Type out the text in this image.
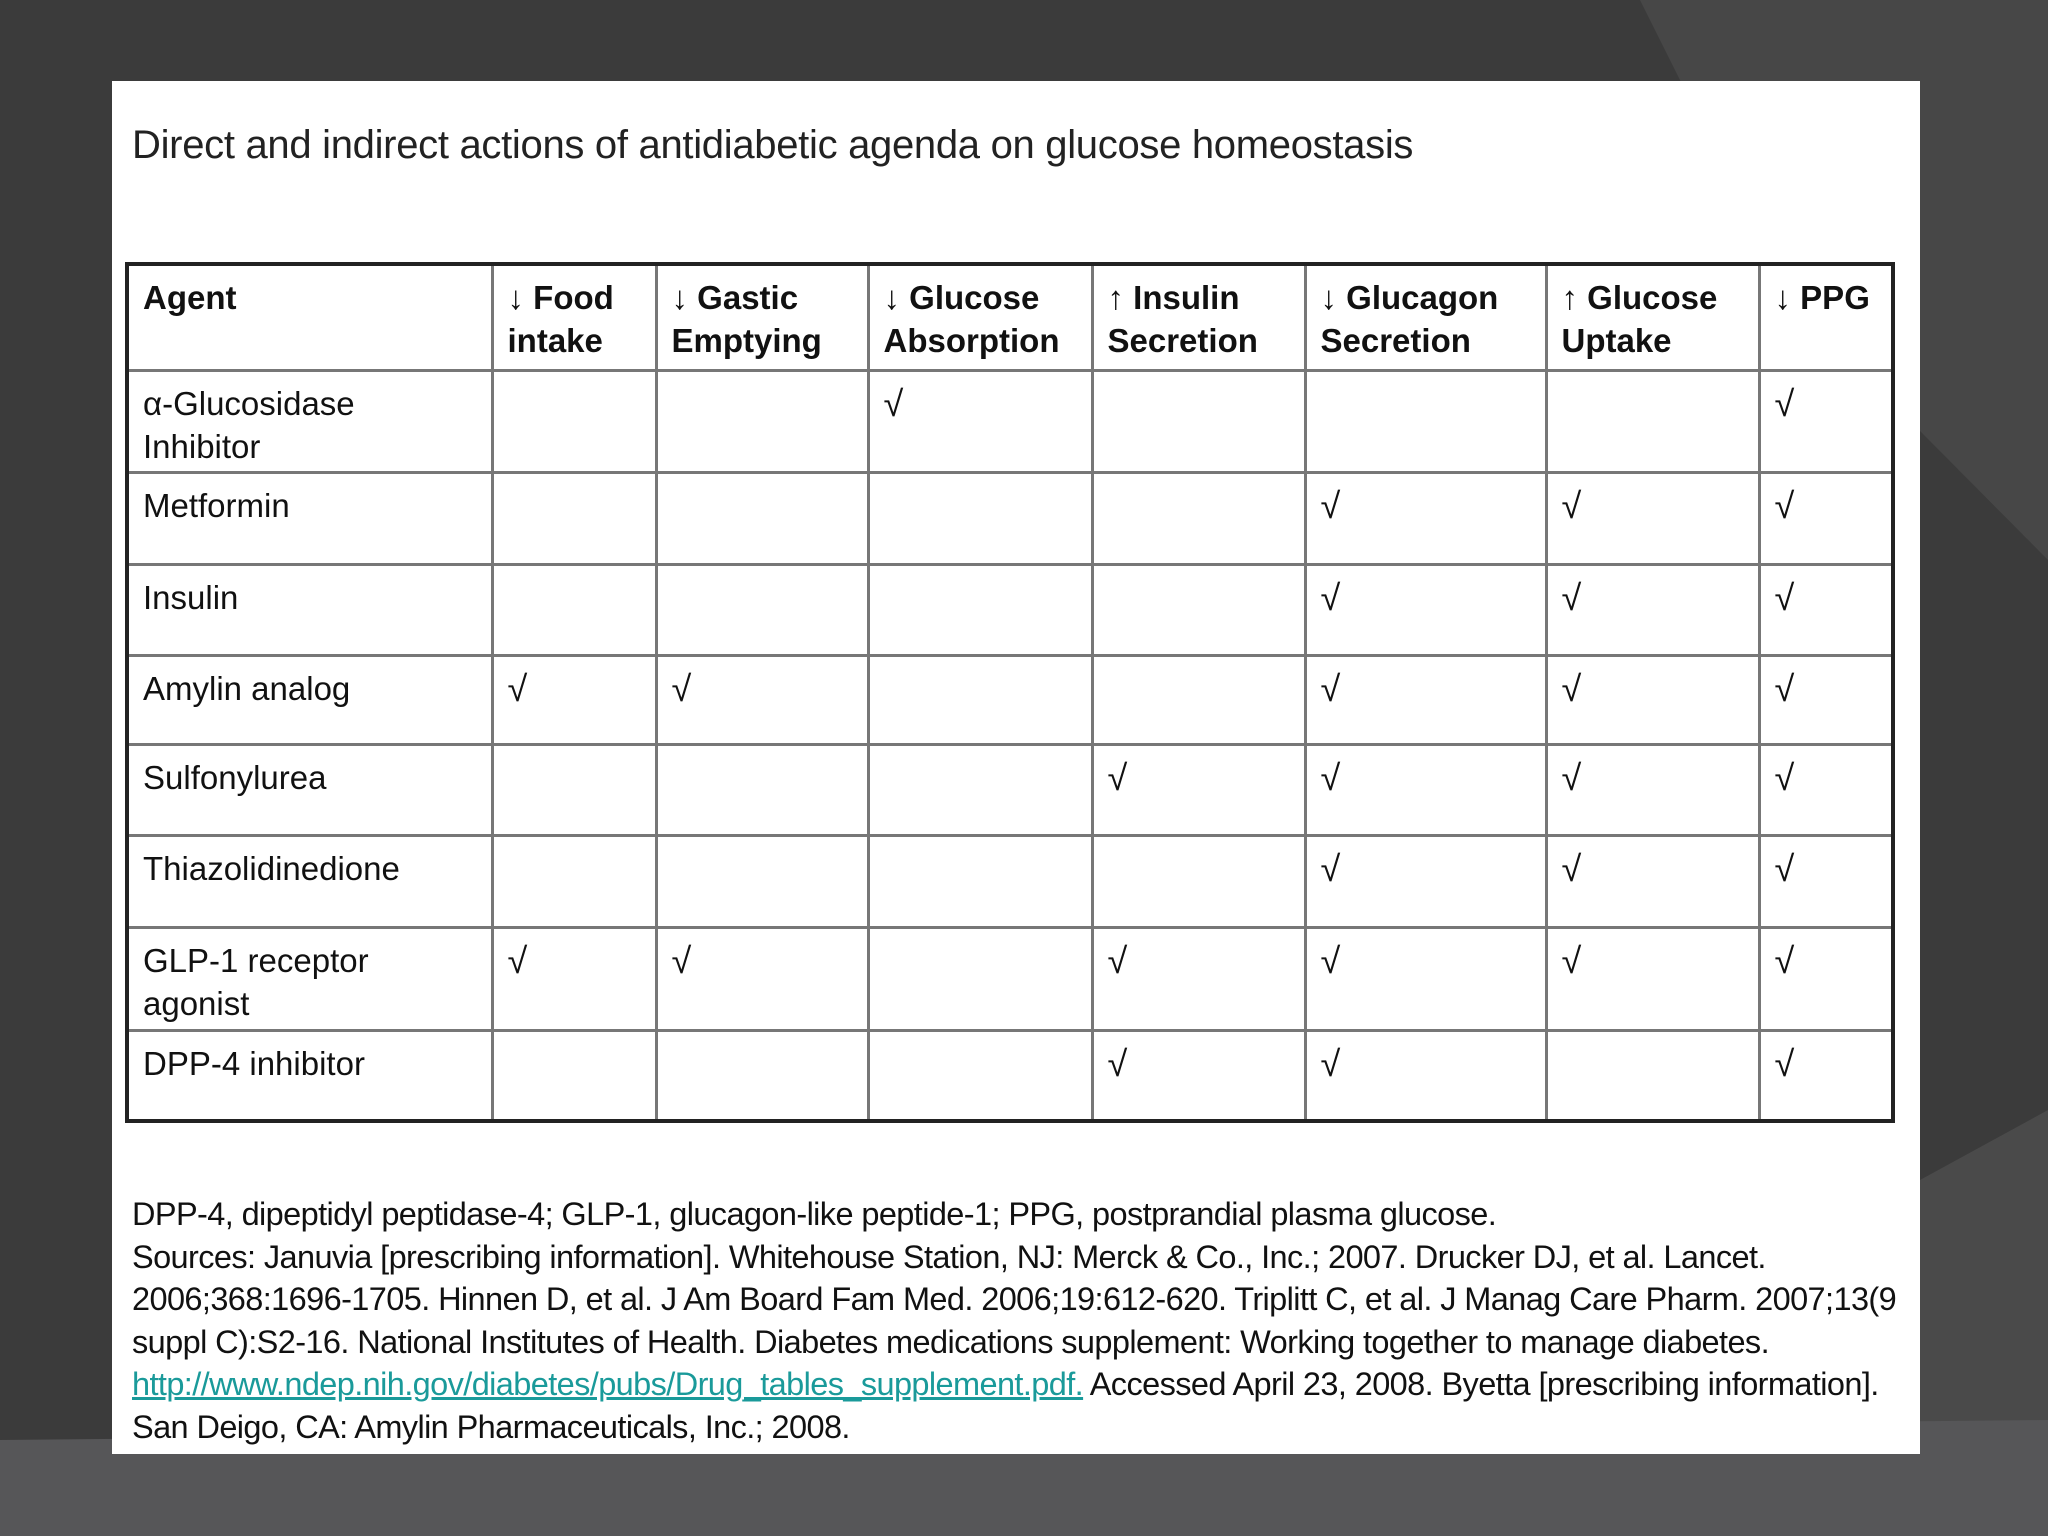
Direct and indirect actions of antidiabetic agenda on glucose homeostasis
Agent	↓ Food intake	↓ Gastic Emptying	↓ Glucose Absorption	↑ Insulin Secretion	↓ Glucagon Secretion	↑ Glucose Uptake	↓ PPG
α-Glucosidase Inhibitor			√				√
Metformin					√	√	√
Insulin					√	√	√
Amylin analog	√	√			√	√	√
Sulfonylurea				√	√	√	√
Thiazolidinedione					√	√	√
GLP-1 receptor agonist	√	√		√	√	√	√
DPP-4 inhibitor				√	√		√
DPP-4, dipeptidyl peptidase-4; GLP-1, glucagon-like peptide-1; PPG, postprandial plasma glucose.
Sources: Januvia [prescribing information]. Whitehouse Station, NJ: Merck & Co., Inc.; 2007. Drucker DJ, et al. Lancet. 2006;368:1696-1705. Hinnen D, et al. J Am Board Fam Med. 2006;19:612-620. Triplitt C, et al. J Manag Care Pharm. 2007;13(9 suppl C):S2-16. National Institutes of Health. Diabetes medications supplement: Working together to manage diabetes. http://www.ndep.nih.gov/diabetes/pubs/Drug_tables_supplement.pdf. Accessed April 23, 2008. Byetta [prescribing information]. San Deigo, CA: Amylin Pharmaceuticals, Inc.; 2008.
